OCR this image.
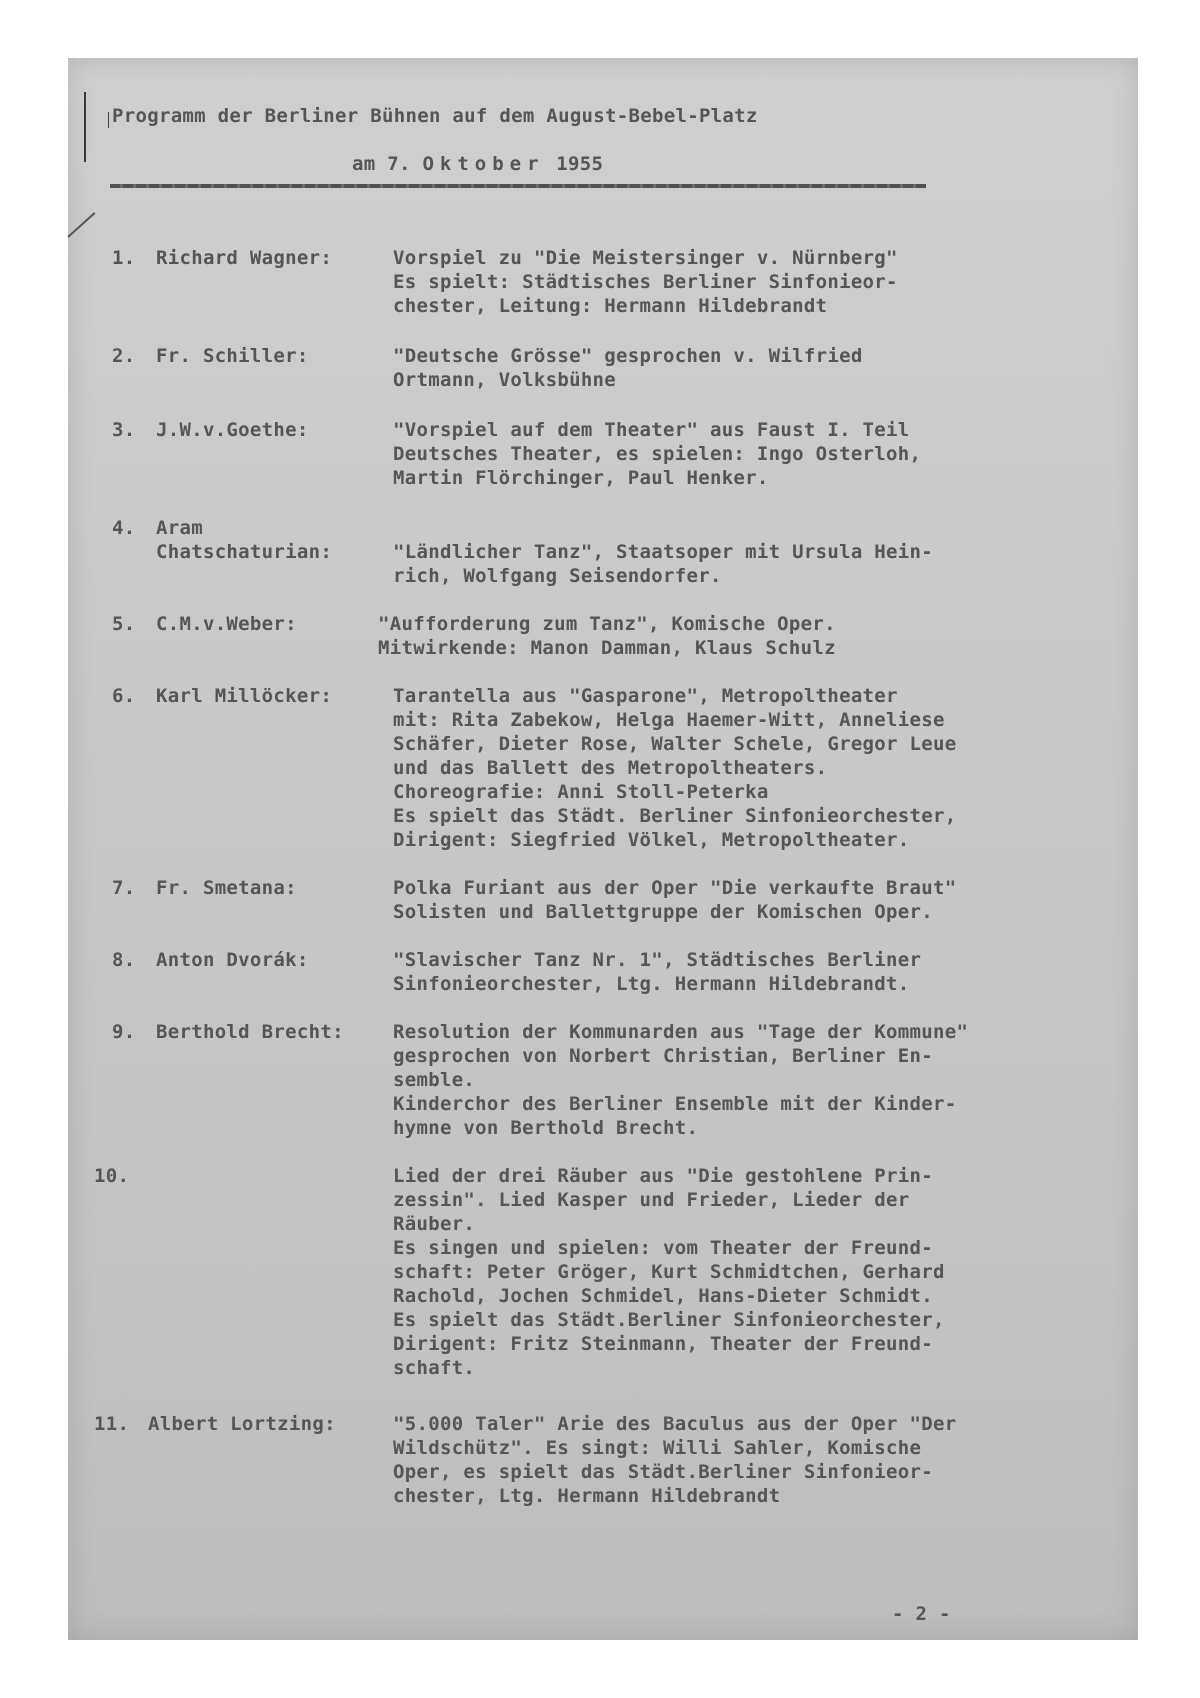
Programm der Berliner Bühnen auf dem August-Bebel-Platz
am 7. Oktober 1955
1. Richard Wagner:	Vorspiel zu "Die Meistersinger v. Nürnberg"
Es spielt: Städtisches Berliner Sinfonieor-
chester, Leitung: Hermann Hildebrandt
2. Fr. Schiller:	"Deutsche Grösse" gesprochen v. Wilfried
Ortmann, Volksbühne
3. J.W.v.Goethe:	"Vorspiel auf dem Theater" aus Faust I. Teil
Deutsches Theater, es spielen: Ingo Osterloh,
Martin Flörchinger, Paul Henker.
4. Aram
Chatschaturian:	"Ländlicher Tanz", Staatsoper mit Ursula Hein-
rich, Wolfgang Seisendorfer.
5. C.M.v.Weber:	"Aufforderung zum Tanz", Komische Oper.
Mitwirkende: Manon Damman, Klaus Schulz
6. Karl Millöcker:	Tarantella aus "Gasparone", Metropoltheater
mit: Rita Zabekow, Helga Haemer-Witt, Anneliese
Schäfer, Dieter Rose, Walter Schele, Gregor Leue
und das Ballett des Metropoltheaters.
Choreografie: Anni Stoll-Peterka
Es spielt das Städt. Berliner Sinfonieorchester,
Dirigent: Siegfried Völkel, Metropoltheater.
7. Fr. Smetana:	Polka Furiant aus der Oper "Die verkaufte Braut"
Solisten und Ballettgruppe der Komischen Oper.
8. Anton Dvorák:	"Slavischer Tanz Nr. 1", Städtisches Berliner
Sinfonieorchester, Ltg. Hermann Hildebrandt.
9. Berthold Brecht:	Resolution der Kommunarden aus "Tage der Kommune"
gesprochen von Norbert Christian, Berliner En-
semble.
Kinderchor des Berliner Ensemble mit der Kinder-
hymne von Berthold Brecht.
10.	Lied der drei Räuber aus "Die gestohlene Prin-
zessin". Lied Kasper und Frieder, Lieder der
Räuber.
Es singen und spielen: vom Theater der Freund-
schaft: Peter Gröger, Kurt Schmidtchen, Gerhard
Rachold, Jochen Schmidel, Hans-Dieter Schmidt.
Es spielt das Städt.Berliner Sinfonieorchester,
Dirigent: Fritz Steinmann, Theater der Freund-
schaft.
11. Albert Lortzing:	"5.000 Taler" Arie des Baculus aus der Oper "Der
Wildschütz". Es singt: Willi Sahler, Komische
Oper, es spielt das Städt.Berliner Sinfonieor-
chester, Ltg. Hermann Hildebrandt
- 2 -
